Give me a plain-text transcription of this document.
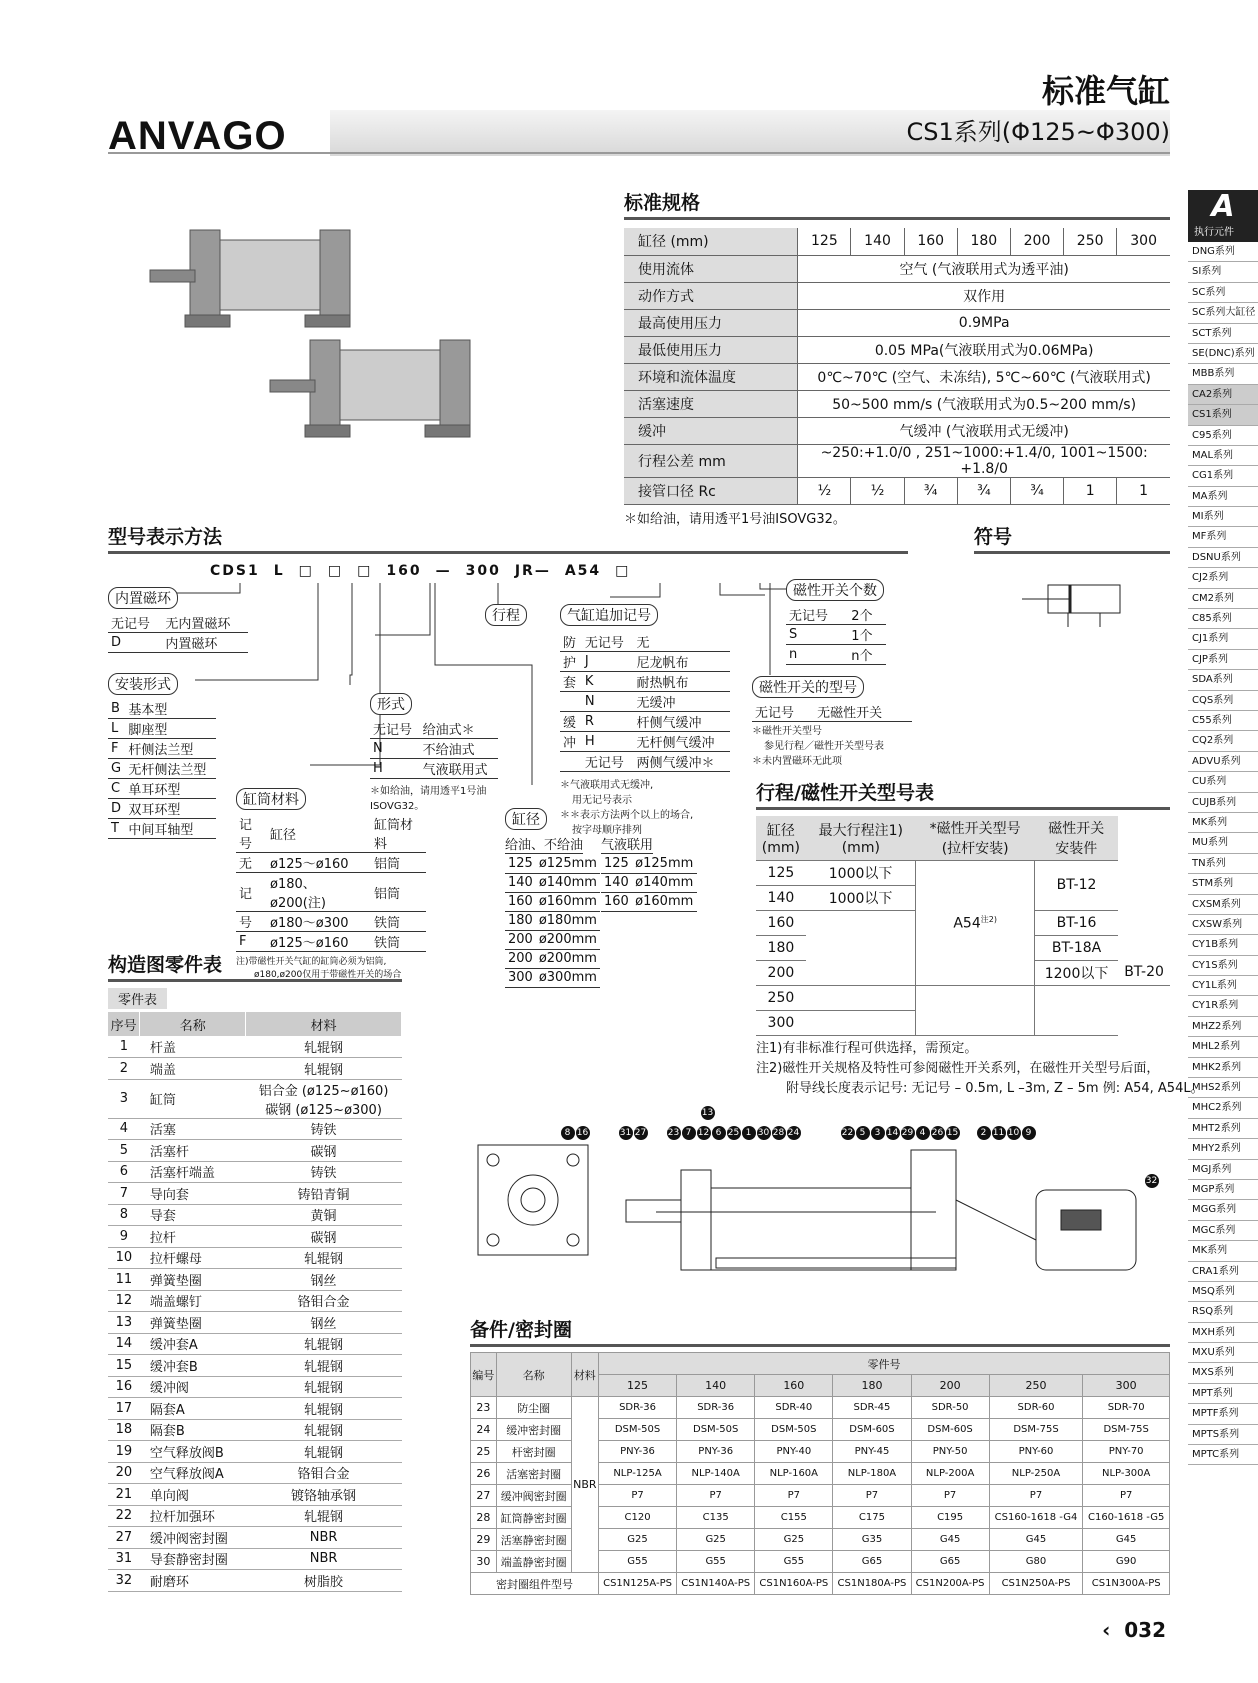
ANVAGO
标准气缸
CS1系列(Φ125~Φ300)
A
执行元件
DNG系列
SI系列
SC系列
SC系列大缸径
SCT系列
SE(DNC)系列
MBB系列
CA2系列
CS1系列
C95系列
MAL系列
CG1系列
MA系列
MI系列
MF系列
DSNU系列
CJ2系列
CM2系列
C85系列
CJ1系列
CJP系列
SDA系列
CQS系列
C55系列
CQ2系列
ADVU系列
CU系列
CUJB系列
MK系列
MU系列
TN系列
STM系列
CXSM系列
CXSW系列
CY1B系列
CY1S系列
CY1L系列
CY1R系列
MHZ2系列
MHL2系列
MHK2系列
MHS2系列
MHC2系列
MHT2系列
MHY2系列
MGJ系列
MGP系列
MGG系列
MGC系列
MK系列
CRA1系列
MSQ系列
RSQ系列
MXH系列
MXU系列
MXS系列
MPT系列
MPTF系列
MPTS系列
MPTC系列
标准规格
缸径 (mm)	125	140	160	180	200	250	300
使用流体	空气 (气液联用式为透平油)						
动作方式	双作用						
最高使用压力	0.9MPa						
最低使用压力	0.05 MPa(气液联用式为0.06MPa)						
环境和流体温度	0℃~70℃ (空气、未冻结), 5℃~60℃ (气液联用式)						
活塞速度	50~500 mm/s (气液联用式为0.5~200 mm/s)						
缓冲	气缓冲 (气液联用式无缓冲)						
行程公差 mm	~250:+1.0/0 , 251~1000:+1.4/0, 1001~1500: +1.8/0						
接管口径 Rc	½	½	¾	¾	¾	1	1
＊如给油，请用透平1号油ISOVG32。
型号表示方法	符号
CDS1 L □ □ □ 160 — 300 JR— A54 □
内置磁环
无记号	无内置磁环
D	内置磁环
安装形式
B	基本型
L	脚座型
F	杆侧法兰型
G	无杆侧法兰型
C	单耳环型
D	双耳环型
T	中间耳轴型
形式
无记号	给油式＊
N	不给油式
H	气液联用式
＊如给油，请用透平1号油ISOVG32。
缸筒材料
记号	缸径	缸筒材料
无	ø125～ø160	铝筒
记	ø180、ø200(注)	铝筒
号	ø180～ø300	铁筒
F	ø125～ø160	铁筒
注)带磁性开关气缸的缸筒必须为铝筒,
ø180,ø200仅用于带磁性开关的场合
行程
缸径
给油、不给油 气液联用
125	ø125mm
140	ø140mm
160	ø160mm
180	ø180mm
200	ø200mm
200	ø200mm
300	ø300mm
125	ø125mm
140	ø140mm
160	ø160mm
气缸追加记号
防	无记号	无
护	J	尼龙帆布
套	K	耐热帆布
	N	无缓冲
缓	R	杆侧气缓冲
冲	H	无杆侧气缓冲
	无记号	两侧气缓冲＊
＊气液联用式无缓冲,
用无记号表示
＊＊表示方法两个以上的场合,
按字母顺序排列
磁性开关个数
无记号	2个
S	1个
n	n个
磁性开关的型号
无记号	无磁性开关
＊磁性开关型号
参见行程／磁性开关型号表
＊未内置磁环无此项
行程/磁性开关型号表
缸径
(mm)	最大行程注1)
(mm)	*磁性开关型号
(拉杆安装)	磁性开关
安装件	
125	1000以下	A54$^{注2)}$	BT-12	
140	1000以下			
160			BT-16	
180			BT-18A	
200			1200以下	BT-20
250				
300				
注1)有非标准行程可供选择，需预定。
注2)磁性开关规格及特性可参阅磁性开关系列，在磁性开关型号后面，
附导线长度表示记号: 无记号 – 0.5m, L –3m, Z – 5m 例: A54, A54L。
构造图零件表
零件表
序号	名称	材料
1	杆盖	轧辊钢
2	端盖	轧辊钢
3	缸筒	铝合金 (ø125~ø160)
碳钢 (ø125~ø300)
4	活塞	铸铁
5	活塞杆	碳钢
6	活塞杆端盖	铸铁
7	导向套	铸铅青铜
8	导套	黄铜
9	拉杆	碳钢
10	拉杆螺母	轧辊钢
11	弹簧垫圈	钢丝
12	端盖螺钉	铬钼合金
13	弹簧垫圈	钢丝
14	缓冲套A	轧辊钢
15	缓冲套B	轧辊钢
16	缓冲阀	轧辊钢
17	隔套A	轧辊钢
18	隔套B	轧辊钢
19	空气释放阀B	轧辊钢
20	空气释放阀A	铬钼合金
21	单向阀	镀铬轴承钢
22	拉杆加强环	轧辊钢
27	缓冲阀密封圈	NBR
31	导套静密封圈	NBR
32	耐磨环	树脂胶
8 16	31 27 23 7 12 6 25 1 30 28 24
13
22 5 3 14 29 4 26 15	2 11 10 9
32
备件/密封圈
编号	名称	材料	零件号						
			125	140	160	180	200	250	300
23	防尘圈	NBR	SDR-36	SDR-36	SDR-40	SDR-45	SDR-50	SDR-60	SDR-70
24	缓冲密封圈		DSM-50S	DSM-50S	DSM-50S	DSM-60S	DSM-60S	DSM-75S	DSM-75S
25	杆密封圈		PNY-36	PNY-36	PNY-40	PNY-45	PNY-50	PNY-60	PNY-70
26	活塞密封圈		NLP-125A	NLP-140A	NLP-160A	NLP-180A	NLP-200A	NLP-250A	NLP-300A
27	缓冲阀密封圈		P7	P7	P7	P7	P7	P7	P7
28	缸筒静密封圈		C120	C135	C155	C175	C195	CS160-1618 -G4	C160-1618 -G5
29	活塞静密封圈		G25	G25	G25	G35	G45	G45	G45
30	端盖静密封圈		G55	G55	G55	G65	G65	G80	G90
密封圈组件型号			CS1N125A-PS	CS1N140A-PS	CS1N160A-PS	CS1N180A-PS	CS1N200A-PS	CS1N250A-PS	CS1N300A-PS
‹ 032
